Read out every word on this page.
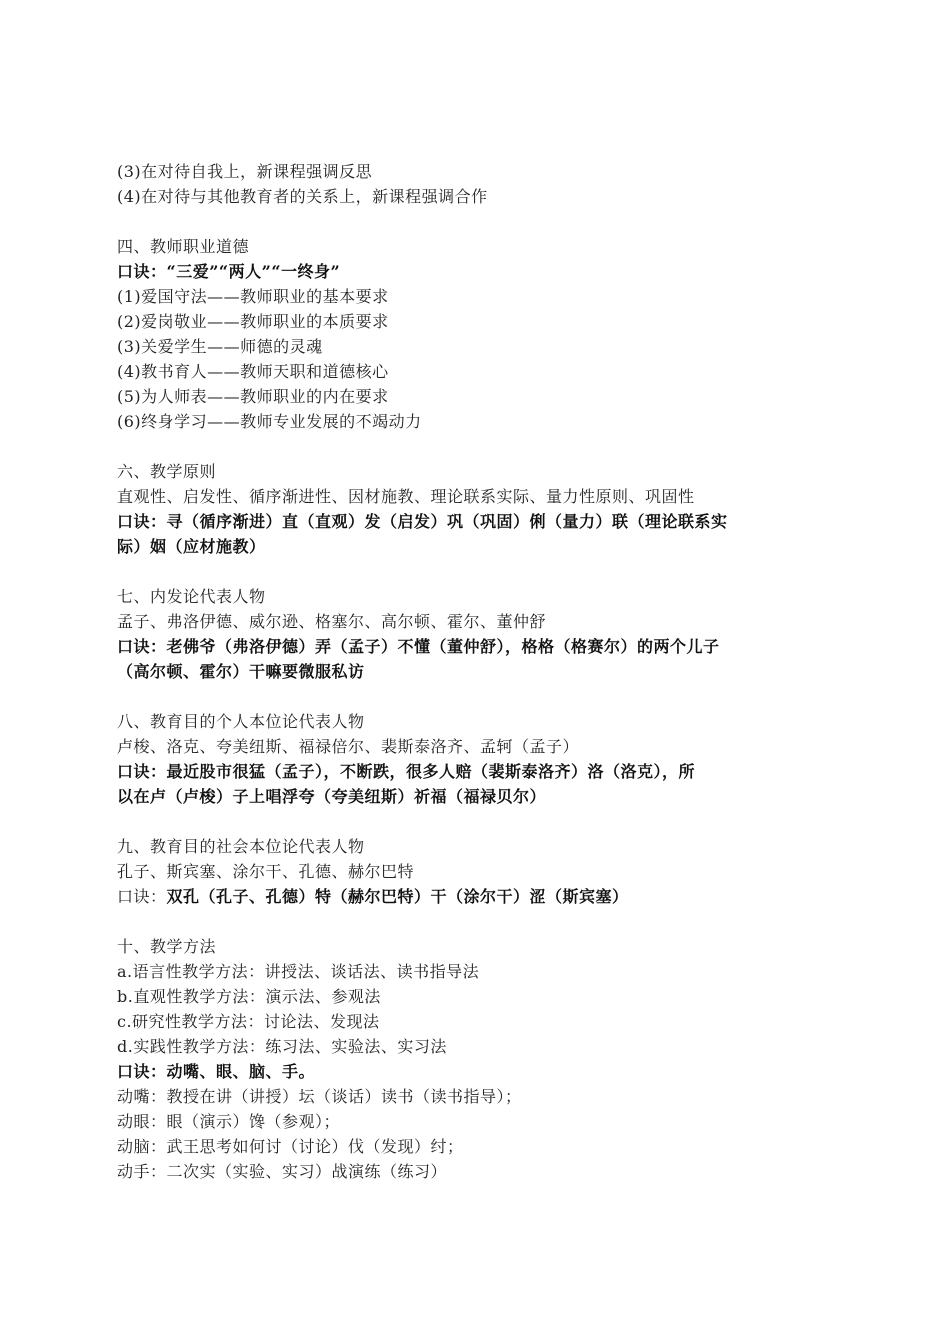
(3)在对待自我上，新课程强调反思
(4)在对待与其他教育者的关系上，新课程强调合作
四、教师职业道德
口诀：“三爱”“两人”“一终身”
(1)爱国守法——教师职业的基本要求
(2)爱岗敬业——教师职业的本质要求
(3)关爱学生——师德的灵魂
(4)教书育人——教师天职和道德核心
(5)为人师表——教师职业的内在要求
(6)终身学习——教师专业发展的不竭动力
六、教学原则
直观性、启发性、循序渐进性、因材施教、理论联系实际、量力性原则、巩固性
口诀：寻（循序渐进）直（直观）发（启发）巩（巩固）俐（量力）联（理论联系实
际）姻（应材施教）
七、内发论代表人物
孟子、弗洛伊德、威尔逊、格塞尔、高尔顿、霍尔、董仲舒
口诀：老佛爷（弗洛伊德）弄（孟子）不懂（董仲舒），格格（格赛尔）的两个儿子
（高尔顿、霍尔）干嘛要微服私访
八、教育目的个人本位论代表人物
卢梭、洛克、夸美纽斯、福禄倍尔、裴斯泰洛齐、孟轲（孟子）
口诀：最近股市很猛（孟子），不断跌，很多人赔（裴斯泰洛齐）洛（洛克），所
以在卢（卢梭）子上唱浮夸（夸美纽斯）祈福（福禄贝尔）
九、教育目的社会本位论代表人物
孔子、斯宾塞、涂尔干、孔德、赫尔巴特
口诀：双孔（孔子、孔德）特（赫尔巴特）干（涂尔干）涩（斯宾塞）
十、教学方法
a.语言性教学方法：讲授法、谈话法、读书指导法
b.直观性教学方法：演示法、参观法
c.研究性教学方法：讨论法、发现法
d.实践性教学方法：练习法、实验法、实习法
口诀：动嘴、眼、脑、手。
动嘴：教授在讲（讲授）坛（谈话）读书（读书指导）；
动眼：眼（演示）馋（参观）；
动脑：武王思考如何讨（讨论）伐（发现）纣；
动手：二次实（实验、实习）战演练（练习）
